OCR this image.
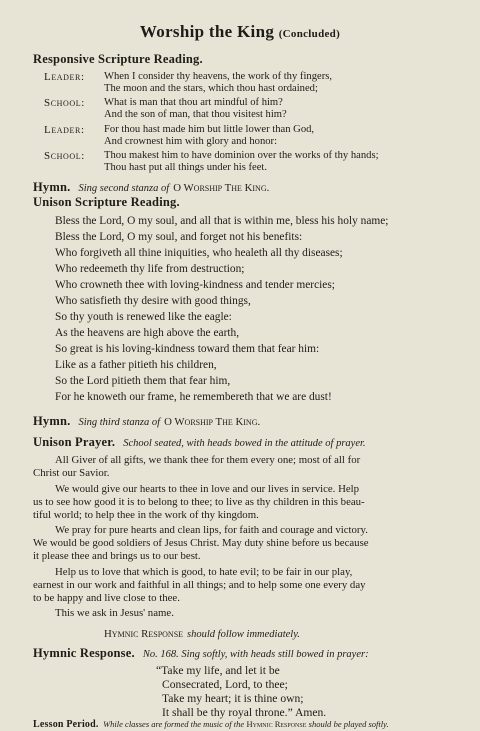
Worship the King (Concluded)
Responsive Scripture Reading.
Leader: When I consider thy heavens, the work of thy fingers,
The moon and the stars, which thou hast ordained;
School: What is man that thou art mindful of him?
And the son of man, that thou visitest him?
Leader: For thou hast made him but little lower than God,
And crownest him with glory and honor:
School: Thou makest him to have dominion over the works of thy hands;
Thou hast put all things under his feet.
Hymn. Sing second stanza of O Worship The King.
Unison Scripture Reading.
Bless the Lord, O my soul, and all that is within me, bless his holy name;
Bless the Lord, O my soul, and forget not his benefits:
Who forgiveth all thine iniquities, who healeth all thy diseases;
Who redeemeth thy life from destruction;
Who crowneth thee with loving-kindness and tender mercies;
Who satisfieth thy desire with good things,
So thy youth is renewed like the eagle:
As the heavens are high above the earth,
So great is his loving-kindness toward them that fear him:
Like as a father pitieth his children,
So the Lord pitieth them that fear him,
For he knoweth our frame, he remembereth that we are dust!
Hymn. Sing third stanza of O Worship The King.
Unison Prayer. School seated, with heads bowed in the attitude of prayer.
All Giver of all gifts, we thank thee for them every one; most of all for
Christ our Savior.
We would give our hearts to thee in love and our lives in service. Help
us to see how good it is to belong to thee; to live as thy children in this beau-
tiful world; to help thee in the work of thy kingdom.
We pray for pure hearts and clean lips, for faith and courage and victory.
We would be good soldiers of Jesus Christ. May duty shine before us because
it please thee and brings us to our best.
Help us to love that which is good, to hate evil; to be fair in our play,
earnest in our work and faithful in all things; and to help some one every day
to be happy and live close to thee.
This we ask in Jesus' name.
Hymnic Response should follow immediately.
Hymnic Response. No. 168. Sing softly, with heads still bowed in prayer:
“Take my life, and let it be
Consecrated, Lord, to thee;
Take my heart; it is thine own;
It shall be thy royal throne.” Amen.
Lesson Period. While classes are formed the music of the Hymnic Response should be played softly.
